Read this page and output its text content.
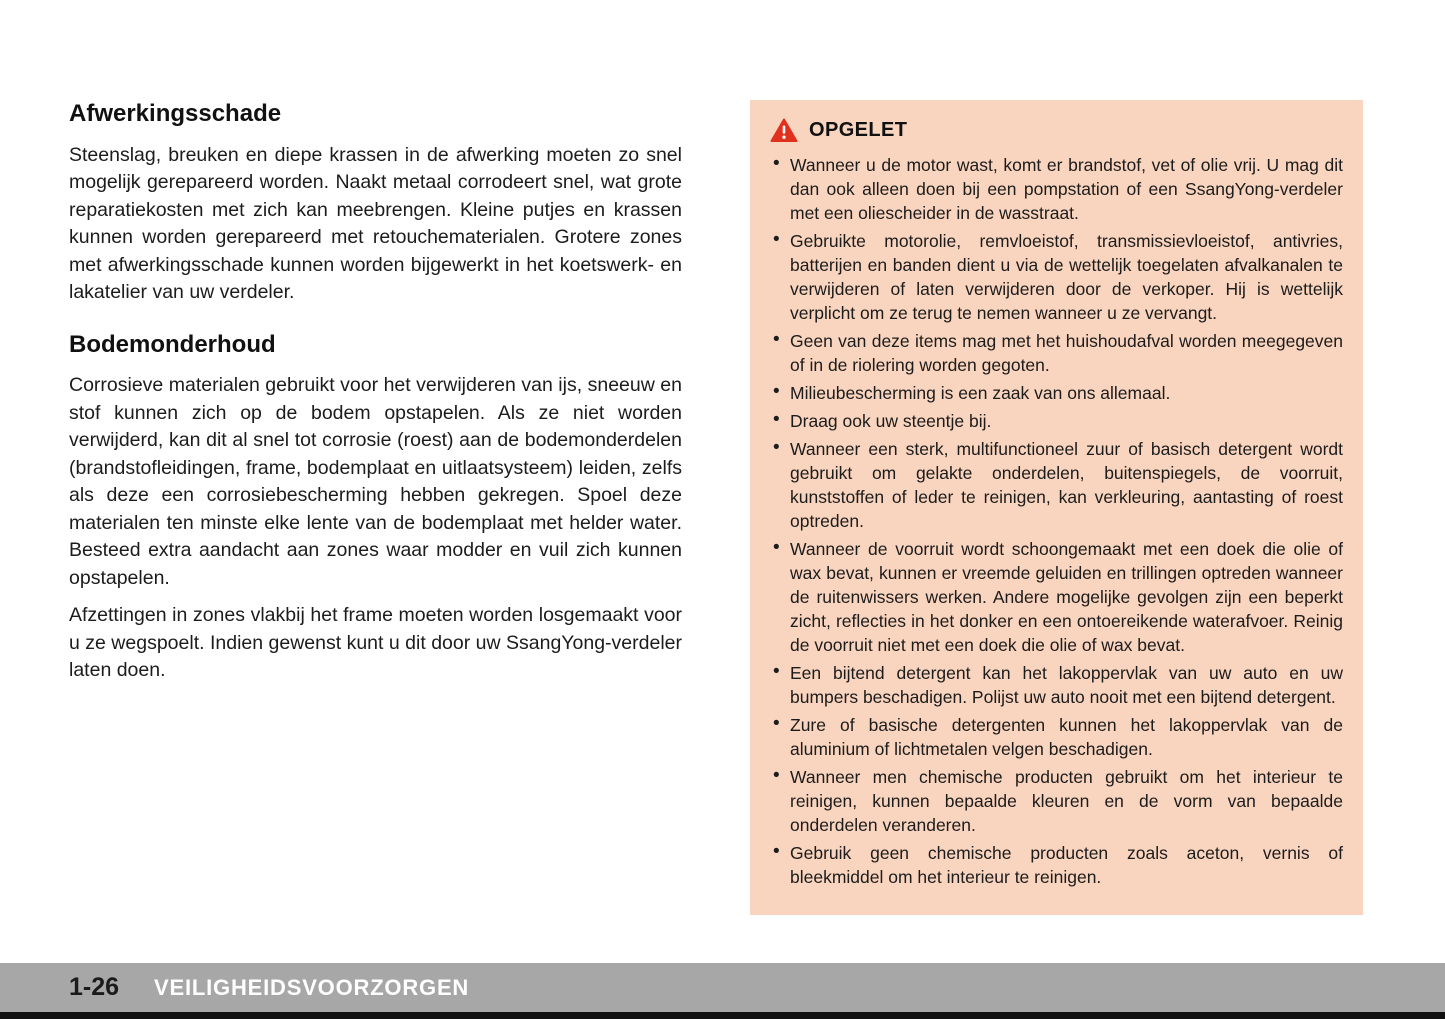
Afwerkingsschade

Steenslag, breuken en diepe krassen in de afwerking moeten zo snel mogelijk gerepareerd worden. Naakt metaal corrodeert snel, wat grote reparatiekosten met zich kan meebrengen. Kleine putjes en krassen kunnen worden gerepareerd met retouchematerialen. Grotere zones met afwerkingsschade kunnen worden bijgewerkt in het koetswerk- en lakatelier van uw verdeler.

Bodemonderhoud

Corrosieve materialen gebruikt voor het verwijderen van ijs, sneeuw en stof kunnen zich op de bodem opstapelen. Als ze niet worden verwijderd, kan dit al snel tot corrosie (roest) aan de bodemonderdelen (brandstofleidingen, frame, bodemplaat en uitlaatsysteem) leiden, zelfs als deze een corrosiebescherming hebben gekregen. Spoel deze materialen ten minste elke lente van de bodemplaat met helder water. Besteed extra aandacht aan zones waar modder en vuil zich kunnen opstapelen.

Afzettingen in zones vlakbij het frame moeten worden losgemaakt voor u ze wegspoelt. Indien gewenst kunt u dit door uw SsangYong-verdeler laten doen.

OPGELET
• Wanneer u de motor wast, komt er brandstof, vet of olie vrij. U mag dit dan ook alleen doen bij een pompstation of een SsangYong-verdeler met een oliescheider in de wasstraat.
• Gebruikte motorolie, remvloeistof, transmissievloeistof, antivries, batterijen en banden dient u via de wettelijk toegelaten afvalkanalen te verwijderen of laten verwijderen door de verkoper. Hij is wettelijk verplicht om ze terug te nemen wanneer u ze vervangt.
• Geen van deze items mag met het huishoudafval worden meegegeven of in de riolering worden gegoten.
• Milieubescherming is een zaak van ons allemaal.
• Draag ook uw steentje bij.
• Wanneer een sterk, multifunctioneel zuur of basisch detergent wordt gebruikt om gelakte onderdelen, buitenspiegels, de voorruit, kunststoffen of leder te reinigen, kan verkleuring, aantasting of roest optreden.
• Wanneer de voorruit wordt schoongemaakt met een doek die olie of wax bevat, kunnen er vreemde geluiden en trillingen optreden wanneer de ruitenwissers werken. Andere mogelijke gevolgen zijn een beperkt zicht, reflecties in het donker en een ontoereikende waterafvoer. Reinig de voorruit niet met een doek die olie of wax bevat.
• Een bijtend detergent kan het lakoppervlak van uw auto en uw bumpers beschadigen. Polijst uw auto nooit met een bijtend detergent.
• Zure of basische detergenten kunnen het lakoppervlak van de aluminium of lichtmetalen velgen beschadigen.
• Wanneer men chemische producten gebruikt om het interieur te reinigen, kunnen bepaalde kleuren en de vorm van bepaalde onderdelen veranderen.
• Gebruik geen chemische producten zoals aceton, vernis of bleekmiddel om het interieur te reinigen.
1-26 VEILIGHEIDSVOORZORGEN
